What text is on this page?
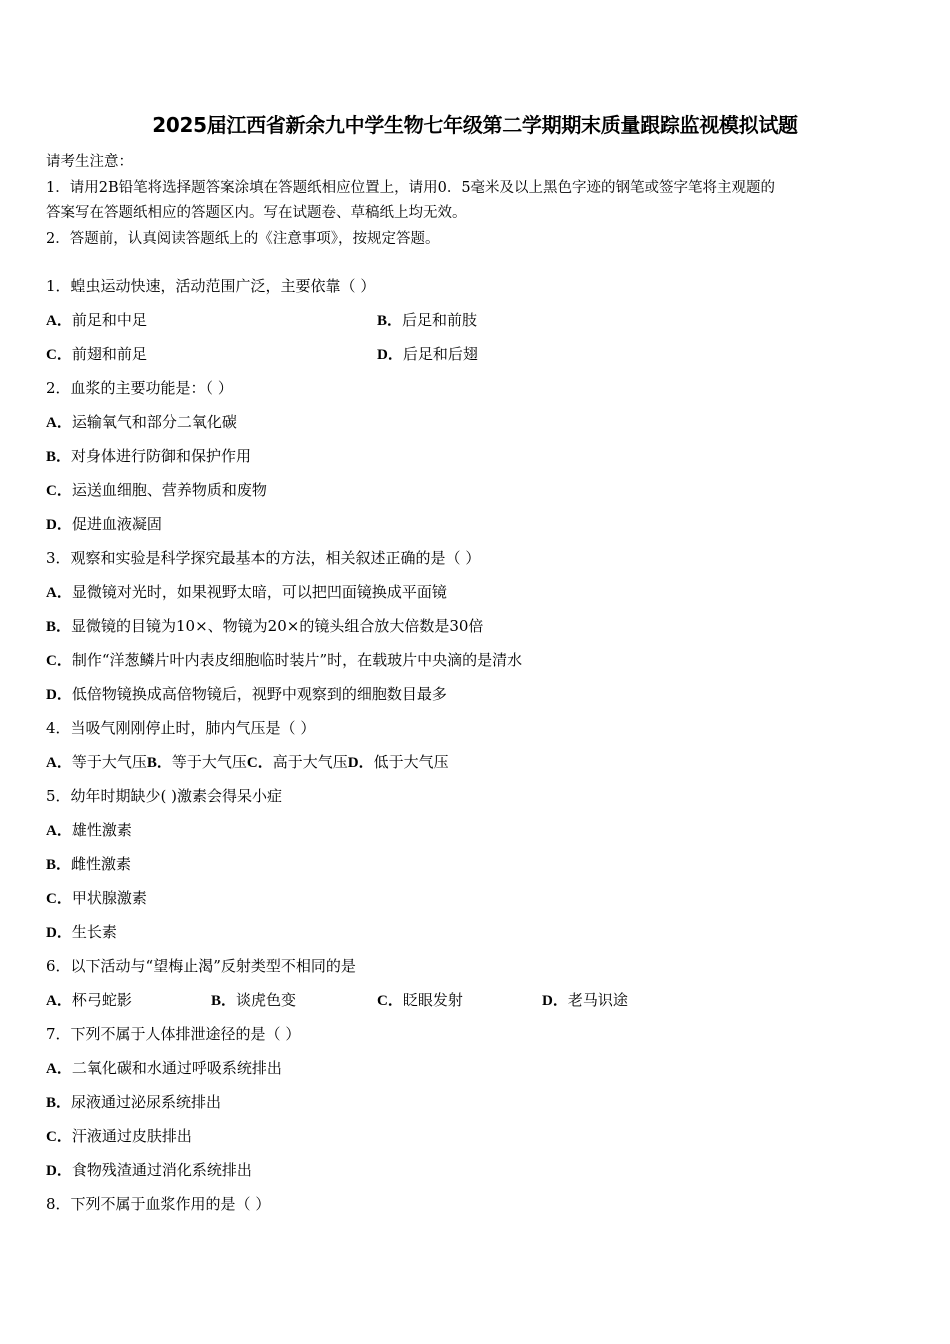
2025届江西省新余九中学生物七年级第二学期期末质量跟踪监视模拟试题
请考生注意：
1．请用2B铅笔将选择题答案涂填在答题纸相应位置上，请用0．5毫米及以上黑色字迹的钢笔或签字笔将主观题的
答案写在答题纸相应的答题区内。写在试题卷、草稿纸上均无效。
2．答题前，认真阅读答题纸上的《注意事项》，按规定答题。
1．蝗虫运动快速，活动范围广泛，主要依靠（ ）
A．前足和中足	B．后足和前肢
C．前翅和前足	D．后足和后翅
2．血浆的主要功能是：（ ）
A．运输氧气和部分二氧化碳
B．对身体进行防御和保护作用
C．运送血细胞、营养物质和废物
D．促进血液凝固
3．观察和实验是科学探究最基本的方法，相关叙述正确的是（ ）
A．显微镜对光时，如果视野太暗，可以把凹面镜换成平面镜
B．显微镜的目镜为10×、物镜为20×的镜头组合放大倍数是30倍
C．制作“洋葱鳞片叶内表皮细胞临时装片”时，在载玻片中央滴的是清水
D．低倍物镜换成高倍物镜后，视野中观察到的细胞数目最多
4．当吸气刚刚停止时，肺内气压是（ ）
A．等于大气压B．等于大气压C．高于大气压D．低于大气压
5．幼年时期缺少( )激素会得呆小症
A．雄性激素
B．雌性激素
C．甲状腺激素
D．生长素
6．以下活动与“望梅止渴”反射类型不相同的是
A．杯弓蛇影	B．谈虎色变	C．眨眼发射	D．老马识途
7．下列不属于人体排泄途径的是（ ）
A．二氧化碳和水通过呼吸系统排出
B．尿液通过泌尿系统排出
C．汗液通过皮肤排出
D．食物残渣通过消化系统排出
8．下列不属于血浆作用的是（ ）
